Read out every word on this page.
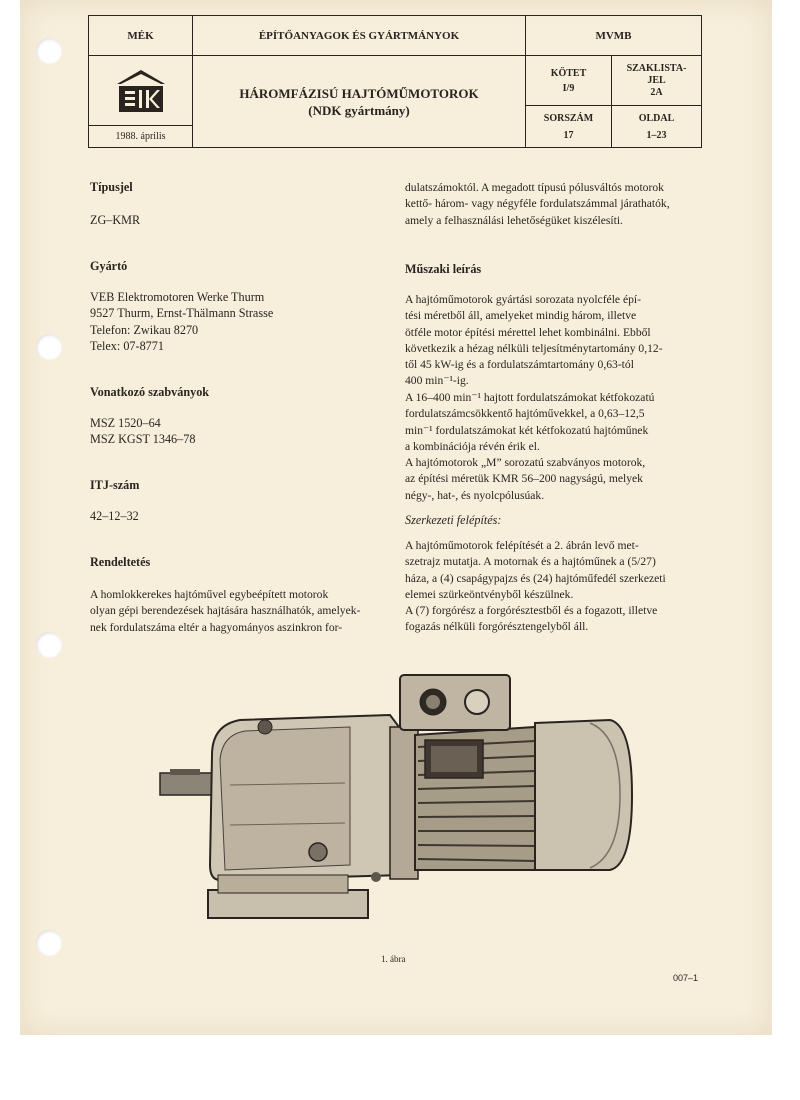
MÉK	ÉPÍTŐANYAGOK ÉS GYÁRTMÁNYOK	MVMB
1988. április
HÁROMFÁZISÚ HAJTÓMŰMOTOROK
(NDK gyártmány)
KÖTET
I/9
SZAKLISTA-
JEL
2A
SORSZÁM
17
OLDAL
1–23
Típusjel
ZG–KMR
Gyártó
VEB Elektromotoren Werke Thurm
9527 Thurm, Ernst-Thälmann Strasse
Telefon: Zwikau 8270
Telex: 07-8771
Vonatkozó szabványok
MSZ 1520–64
MSZ KGST 1346–78
ITJ-szám
42–12–32
Rendeltetés
A homlokkerekes hajtóművel egybeépített motorok
olyan gépi berendezések hajtására használhatók, amelyek-
nek fordulatszáma eltér a hagyományos aszinkron for-
dulatszámoktól. A megadott típusú pólusváltós motorok
kettő- három- vagy négyféle fordulatszámmal járathatók,
amely a felhasználási lehetőségüket kiszélesíti.
Műszaki leírás
A hajtóműmotorok gyártási sorozata nyolcféle épí-
tési méretből áll, amelyeket mindig három, illetve
ötféle motor építési mérettel lehet kombinálni. Ebből
következik a hézag nélküli teljesítménytartomány 0,12-
től 45 kW-ig és a fordulatszámtartomány 0,63-tól
400 min⁻¹-ig.
A 16–400 min⁻¹ hajtott fordulatszámokat kétfokozatú
fordulatszámcsökkentő hajtóművekkel, a 0,63–12,5
min⁻¹ fordulatszámokat két kétfokozatú hajtóműnek
a kombinációja révén érik el.
A hajtómotorok „M” sorozatú szabványos motorok,
az építési méretük KMR 56–200 nagyságú, melyek
négy-, hat-, és nyolcpólusúak.
Szerkezeti felépítés:
A hajtóműmotorok felépítését a 2. ábrán levő met-
szetrajz mutatja. A motornak és a hajtóműnek a (5/27)
háza, a (4) csapágypajzs és (24) hajtóműfedél szerkezeti
elemei szürkeöntvényből készülnek.
A (7) forgórész a forgórésztestből és a fogazott, illetve
fogazás nélküli forgórésztengelyből áll.
1. ábra
007–1
